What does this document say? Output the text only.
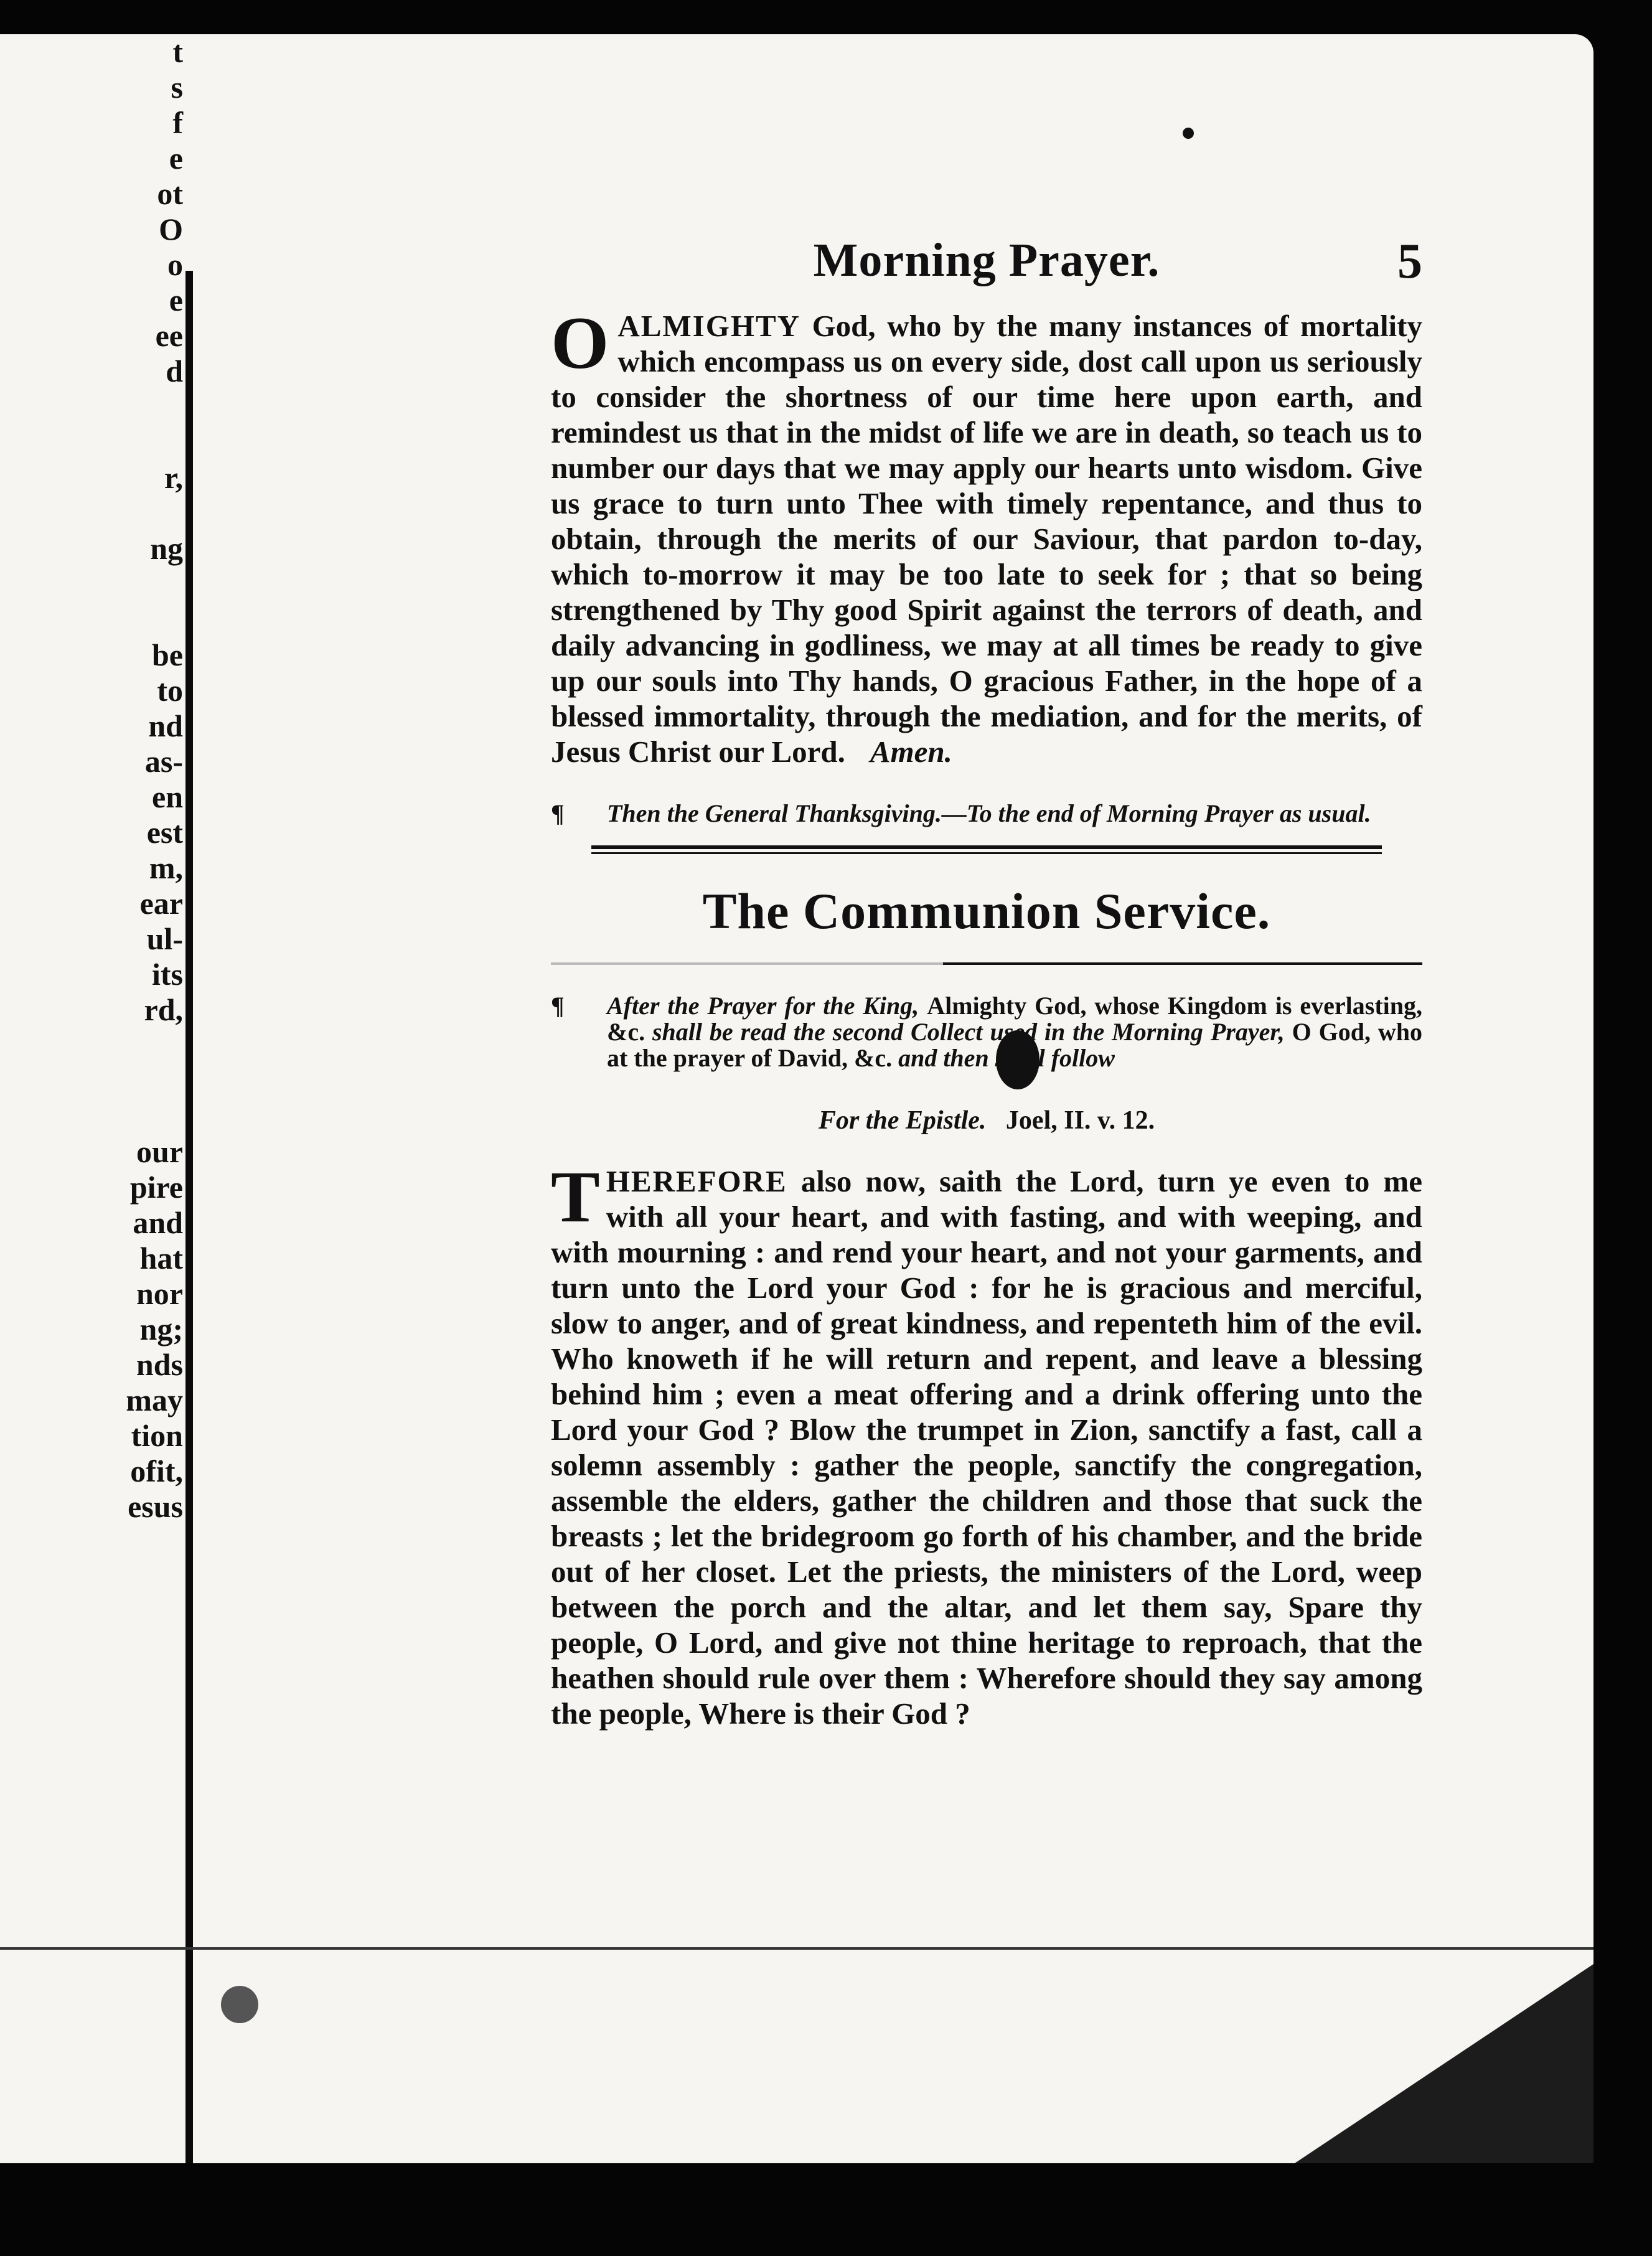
t
s
f
e
ot
O
o
e
ee
d

r,

ng

be
to
nd
as-
en
est
m,
ear
ul-
its
rd,

our
pire
and
hat
nor
ng;
nds
may
tion
ofit,
esus
Morning Prayer.	5

OALMIGHTY God, who by the many instances of mortality which encompass us on every side, dost call upon us seriously to consider the shortness of our time here upon earth, and remindest us that in the midst of life we are in death, so teach us to number our days that we may apply our hearts unto wisdom. Give us grace to turn unto Thee with timely repentance, and thus to obtain, through the merits of our Saviour, that pardon to-day, which to-morrow it may be too late to seek for ; that so being strengthened by Thy good Spirit against the terrors of death, and daily advancing in godliness, we may at all times be ready to give up our souls into Thy hands, O gracious Father, in the hope of a blessed immortality, through the mediation, and for the merits, of Jesus Christ our Lord. Amen.

¶ Then the General Thanksgiving.—To the end of Morning Prayer as usual.

The Communion Service.

¶ After the Prayer for the King, Almighty God, whose Kingdom is everlasting, &c. shall be read the second Collect used in the Morning Prayer, O God, who at the prayer of David, &c. and then shall follow

For the Epistle. Joel, II. v. 12.

THEREFORE also now, saith the Lord, turn ye even to me with all your heart, and with fasting, and with weeping, and with mourning : and rend your heart, and not your garments, and turn unto the Lord your God : for he is gracious and merciful, slow to anger, and of great kindness, and repenteth him of the evil. Who knoweth if he will return and repent, and leave a blessing behind him ; even a meat offering and a drink offering unto the Lord your God ? Blow the trumpet in Zion, sanctify a fast, call a solemn assembly : gather the people, sanctify the congregation, assemble the elders, gather the children and those that suck the breasts ; let the bridegroom go forth of his chamber, and the bride out of her closet. Let the priests, the ministers of the Lord, weep between the porch and the altar, and let them say, Spare thy people, O Lord, and give not thine heritage to reproach, that the heathen should rule over them : Wherefore should they say among the people, Where is their God ?
